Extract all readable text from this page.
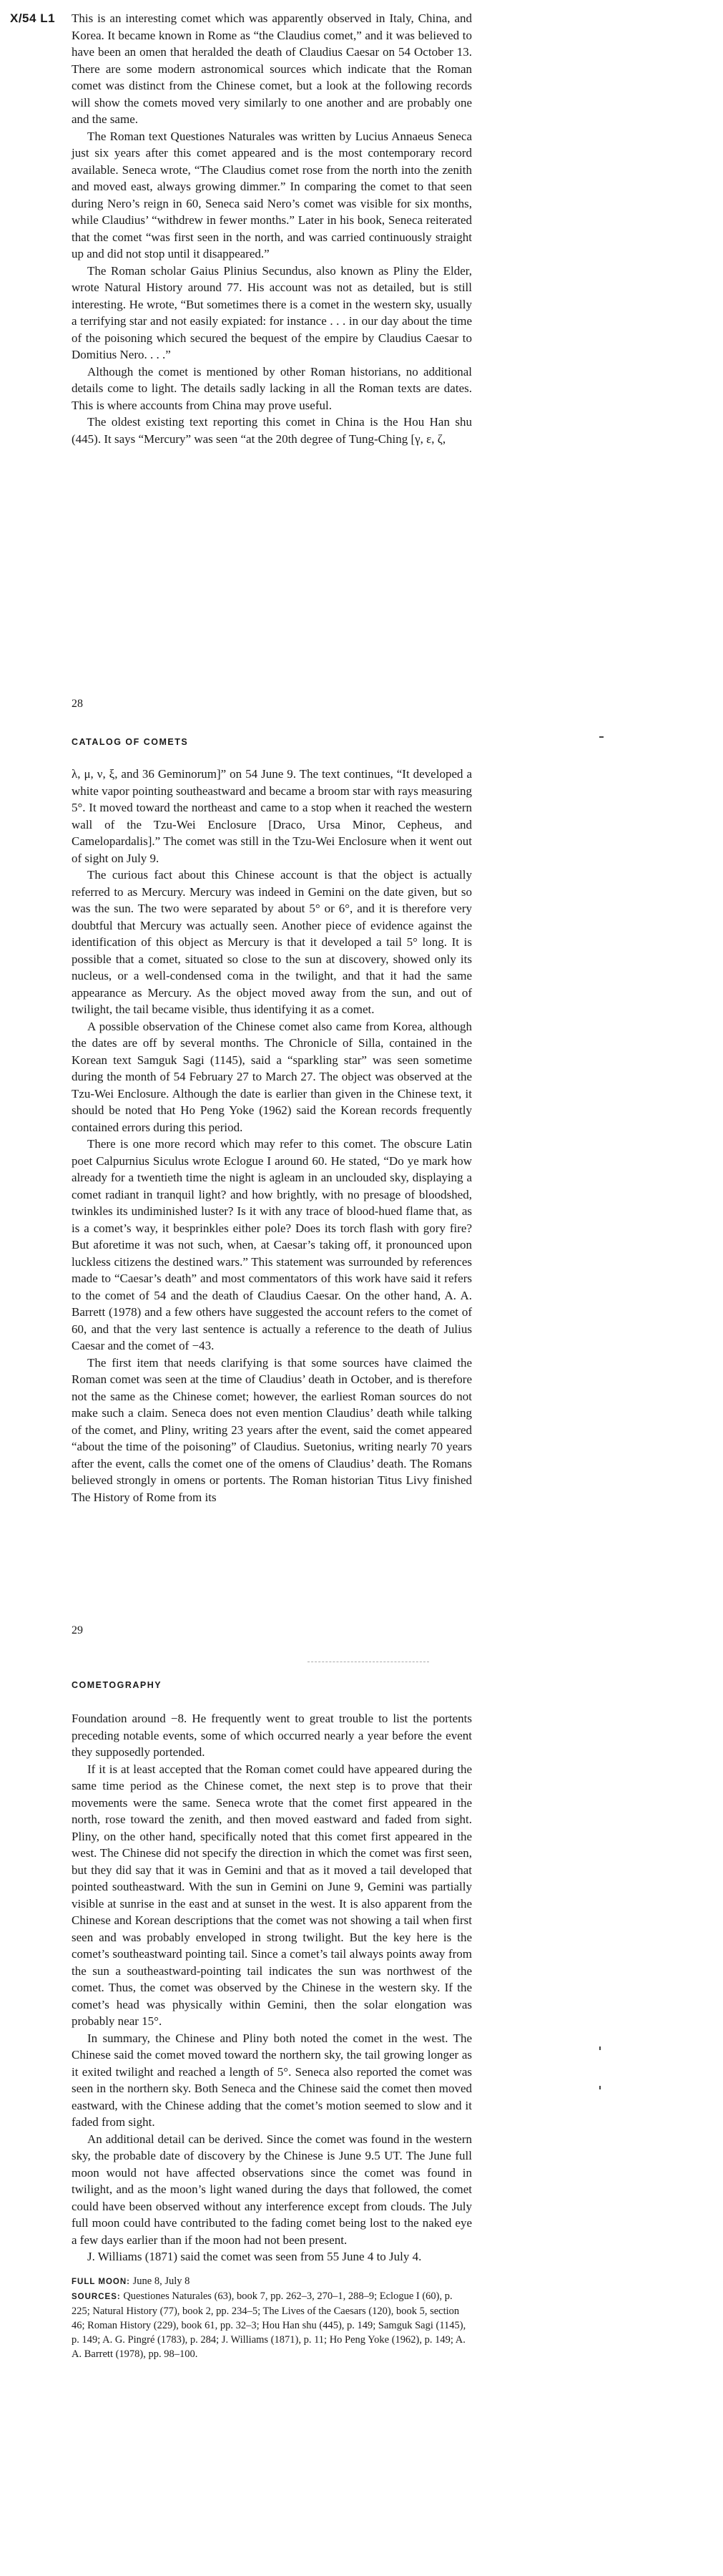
X/54 L1 This is an interesting comet which was apparently observed in Italy, China, and Korea. It became known in Rome as “the Claudius comet,” and it was believed to have been an omen that heralded the death of Claudius Caesar on 54 October 13. There are some modern astronomical sources which indicate that the Roman comet was distinct from the Chinese comet, but a look at the following records will show the comets moved very similarly to one another and are probably one and the same.

The Roman text Questiones Naturales was written by Lucius Annaeus Seneca just six years after this comet appeared and is the most contemporary record available. Seneca wrote, “The Claudius comet rose from the north into the zenith and moved east, always growing dimmer.” In comparing the comet to that seen during Nero’s reign in 60, Seneca said Nero’s comet was visible for six months, while Claudius’ “withdrew in fewer months.” Later in his book, Seneca reiterated that the comet “was first seen in the north, and was carried continuously straight up and did not stop until it disappeared.”

The Roman scholar Gaius Plinius Secundus, also known as Pliny the Elder, wrote Natural History around 77. His account was not as detailed, but is still interesting. He wrote, “But sometimes there is a comet in the western sky, usually a terrifying star and not easily expiated: for instance . . . in our day about the time of the poisoning which secured the bequest of the empire by Claudius Caesar to Domitius Nero. . . .”

Although the comet is mentioned by other Roman historians, no additional details come to light. The details sadly lacking in all the Roman texts are dates. This is where accounts from China may prove useful.

The oldest existing text reporting this comet in China is the Hou Han shu (445). It says “Mercury” was seen “at the 20th degree of Tung-Ching [γ, ε, ζ,

28
CATALOG OF COMETS

λ, μ, ν, ξ, and 36 Geminorum]” on 54 June 9. The text continues, “It developed a white vapor pointing southeastward and became a broom star with rays measuring 5°. It moved toward the northeast and came to a stop when it reached the western wall of the Tzu-Wei Enclosure [Draco, Ursa Minor, Cepheus, and Camelopardalis].” The comet was still in the Tzu-Wei Enclosure when it went out of sight on July 9.

The curious fact about this Chinese account is that the object is actually referred to as Mercury. Mercury was indeed in Gemini on the date given, but so was the sun. The two were separated by about 5° or 6°, and it is therefore very doubtful that Mercury was actually seen. Another piece of evidence against the identification of this object as Mercury is that it developed a tail 5° long. It is possible that a comet, situated so close to the sun at discovery, showed only its nucleus, or a well-condensed coma in the twilight, and that it had the same appearance as Mercury. As the object moved away from the sun, and out of twilight, the tail became visible, thus identifying it as a comet.

A possible observation of the Chinese comet also came from Korea, although the dates are off by several months. The Chronicle of Silla, contained in the Korean text Samguk Sagi (1145), said a “sparkling star” was seen sometime during the month of 54 February 27 to March 27. The object was observed at the Tzu-Wei Enclosure. Although the date is earlier than given in the Chinese text, it should be noted that Ho Peng Yoke (1962) said the Korean records frequently contained errors during this period.

There is one more record which may refer to this comet. The obscure Latin poet Calpurnius Siculus wrote Eclogue I around 60. He stated, “Do ye mark how already for a twentieth time the night is agleam in an unclouded sky, displaying a comet radiant in tranquil light? and how brightly, with no presage of bloodshed, twinkles its undiminished luster? Is it with any trace of blood-hued flame that, as is a comet’s way, it besprinkles either pole? Does its torch flash with gory fire? But aforetime it was not such, when, at Caesar’s taking off, it pronounced upon luckless citizens the destined wars.” This statement was surrounded by references made to “Caesar’s death” and most commentators of this work have said it refers to the comet of 54 and the death of Claudius Caesar. On the other hand, A. A. Barrett (1978) and a few others have suggested the account refers to the comet of 60, and that the very last sentence is actually a reference to the death of Julius Caesar and the comet of −43.

The first item that needs clarifying is that some sources have claimed the Roman comet was seen at the time of Claudius’ death in October, and is therefore not the same as the Chinese comet; however, the earliest Roman sources do not make such a claim. Seneca does not even mention Claudius’ death while talking of the comet, and Pliny, writing 23 years after the event, said the comet appeared “about the time of the poisoning” of Claudius. Suetonius, writing nearly 70 years after the event, calls the comet one of the omens of Claudius’ death. The Romans believed strongly in omens or portents. The Roman historian Titus Livy finished The History of Rome from its

29
COMETOGRAPHY

Foundation around −8. He frequently went to great trouble to list the portents preceding notable events, some of which occurred nearly a year before the event they supposedly portended.

If it is at least accepted that the Roman comet could have appeared during the same time period as the Chinese comet, the next step is to prove that their movements were the same. Seneca wrote that the comet first appeared in the north, rose toward the zenith, and then moved eastward and faded from sight. Pliny, on the other hand, specifically noted that this comet first appeared in the west. The Chinese did not specify the direction in which the comet was first seen, but they did say that it was in Gemini and that as it moved a tail developed that pointed southeastward. With the sun in Gemini on June 9, Gemini was partially visible at sunrise in the east and at sunset in the west. It is also apparent from the Chinese and Korean descriptions that the comet was not showing a tail when first seen and was probably enveloped in strong twilight. But the key here is the comet’s southeastward pointing tail. Since a comet’s tail always points away from the sun a southeastward-pointing tail indicates the sun was northwest of the comet. Thus, the comet was observed by the Chinese in the western sky. If the comet’s head was physically within Gemini, then the solar elongation was probably near 15°.

In summary, the Chinese and Pliny both noted the comet in the west. The Chinese said the comet moved toward the northern sky, the tail growing longer as it exited twilight and reached a length of 5°. Seneca also reported the comet was seen in the northern sky. Both Seneca and the Chinese said the comet then moved eastward, with the Chinese adding that the comet’s motion seemed to slow and it faded from sight.

An additional detail can be derived. Since the comet was found in the western sky, the probable date of discovery by the Chinese is June 9.5 UT. The June full moon would not have affected observations since the comet was found in twilight, and as the moon’s light waned during the days that followed, the comet could have been observed without any interference except from clouds. The July full moon could have contributed to the fading comet being lost to the naked eye a few days earlier than if the moon had not been present.

J. Williams (1871) said the comet was seen from 55 June 4 to July 4.

FULL MOON: June 8, July 8

SOURCES: Questiones Naturales (63), book 7, pp. 262–3, 270–1, 288–9; Eclogue I (60), p. 225; Natural History (77), book 2, pp. 234–5; The Lives of the Caesars (120), book 5, section 46; Roman History (229), book 61, pp. 32–3; Hou Han shu (445), p. 149; Samguk Sagi (1145), p. 149; A. G. Pingré (1783), p. 284; J. Williams (1871), p. 11; Ho Peng Yoke (1962), p. 149; A. A. Barrett (1978), pp. 98–100.
